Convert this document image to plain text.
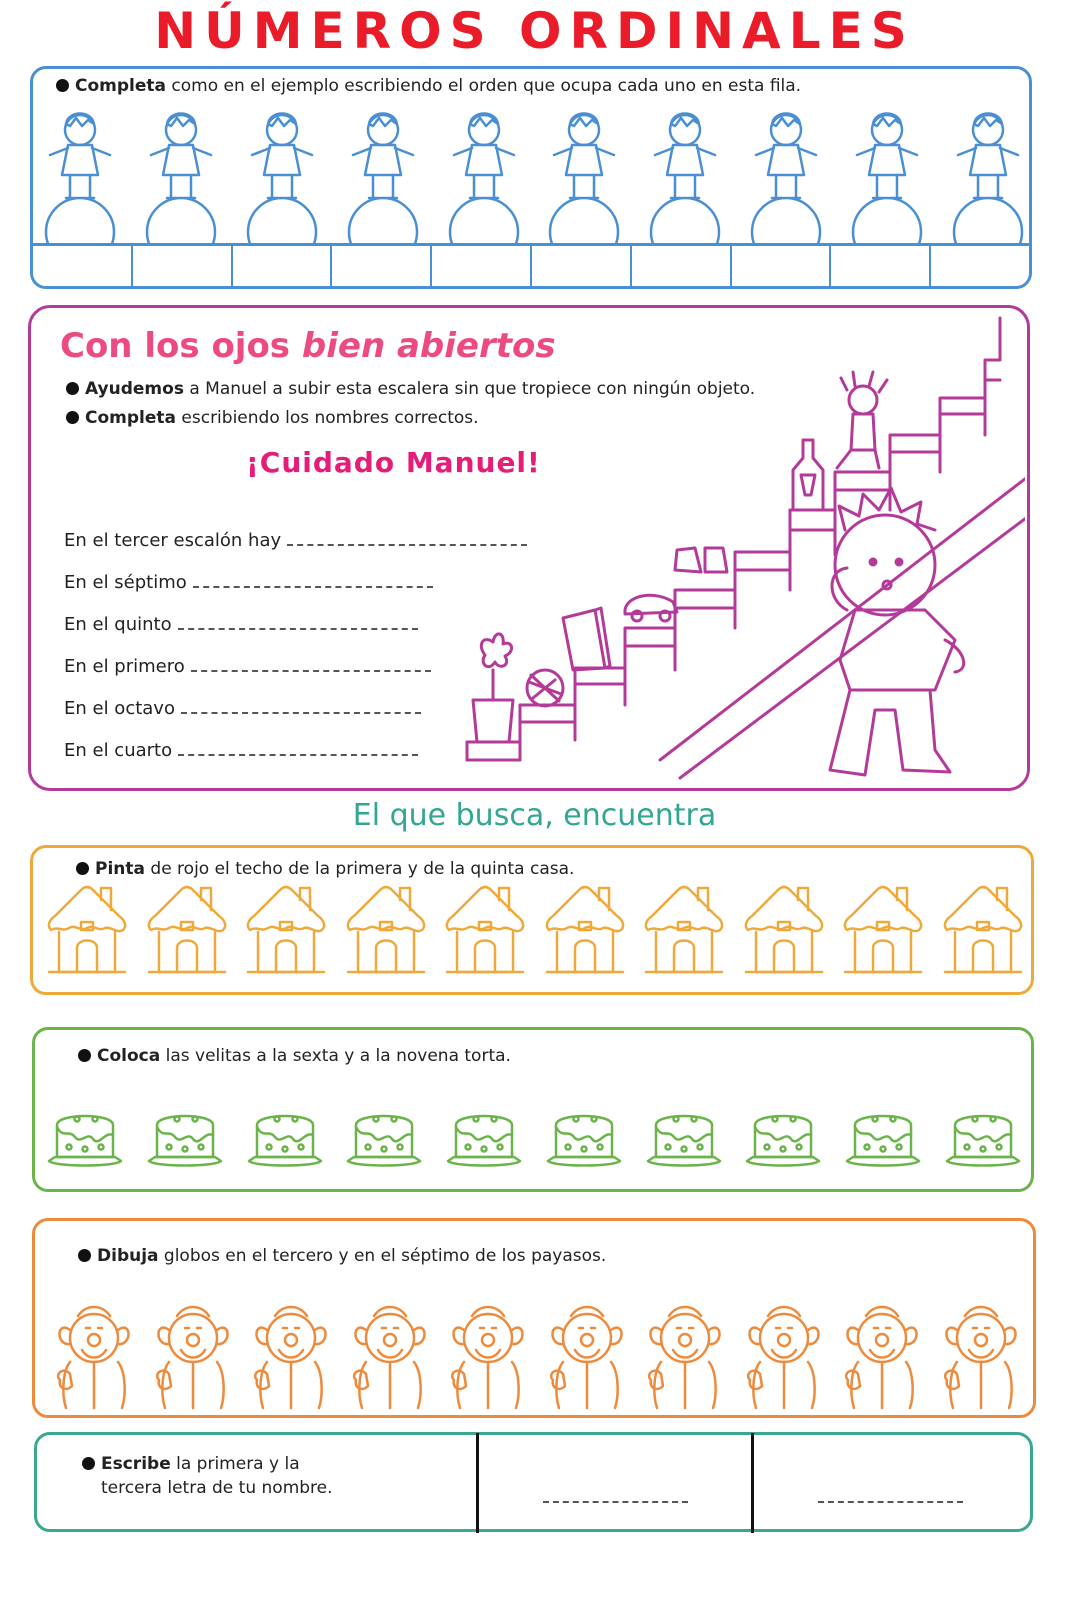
NÚMEROS ORDINALES
Completa como en el ejemplo escribiendo el orden que ocupa cada uno en esta fila.
Con los ojos bien abiertos
Ayudemos a Manuel a subir esta escalera sin que tropiece con ningún objeto.
Completa escribiendo los nombres correctos.
¡Cuidado Manuel!
En el tercer escalón hay
En el séptimo
En el quinto
En el primero
En el octavo
En el cuarto
El que busca, encuentra
Pinta de rojo el techo de la primera y de la quinta casa.
Coloca las velitas a la sexta y a la novena torta.
Dibuja globos en el tercero y en el séptimo de los payasos.
Escribe la primera y la
tercera letra de tu nombre.
